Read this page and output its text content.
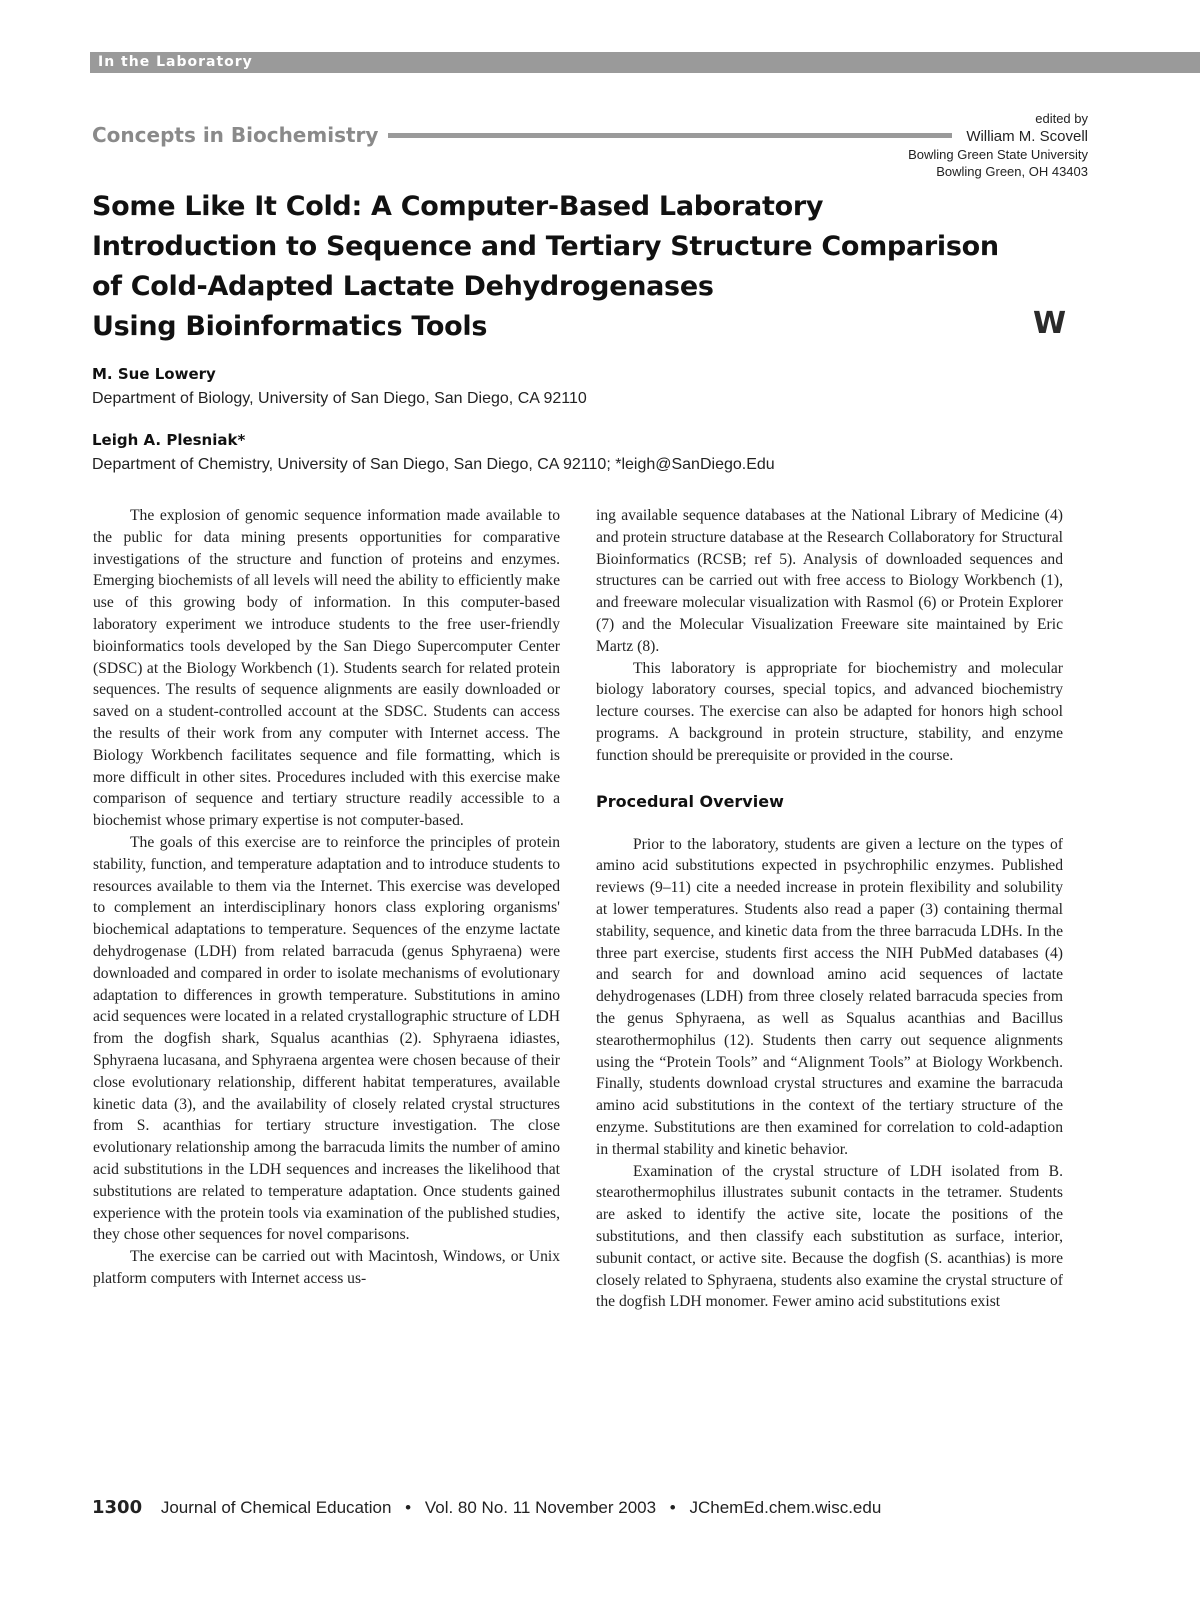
In the Laboratory
Concepts in Biochemistry
edited by
William M. Scovell
Bowling Green State University
Bowling Green, OH 43403
Some Like It Cold: A Computer-Based Laboratory
Introduction to Sequence and Tertiary Structure Comparison
of Cold-Adapted Lactate Dehydrogenases
Using Bioinformatics Tools	W

M. Sue Lowery

Department of Biology, University of San Diego, San Diego, CA 92110

Leigh A. Plesniak*

Department of Chemistry, University of San Diego, San Diego, CA 92110; *leigh@SanDiego.Edu

The explosion of genomic sequence information made available to the public for data mining presents opportunities for comparative investigations of the structure and function of proteins and enzymes. Emerging biochemists of all levels will need the ability to efficiently make use of this growing body of information. In this computer-based laboratory experiment we introduce students to the free user-friendly bioinformatics tools developed by the San Diego Supercomputer Center (SDSC) at the Biology Workbench (1). Students search for related protein sequences. The results of sequence alignments are easily downloaded or saved on a student-controlled account at the SDSC. Students can access the results of their work from any computer with Internet access. The Biology Workbench facilitates sequence and file formatting, which is more difficult in other sites. Procedures included with this exercise make comparison of sequence and tertiary structure readily accessible to a biochemist whose primary expertise is not computer-based.

The goals of this exercise are to reinforce the principles of protein stability, function, and temperature adaptation and to introduce students to resources available to them via the Internet. This exercise was developed to complement an interdisciplinary honors class exploring organisms' biochemical adaptations to temperature. Sequences of the enzyme lactate dehydrogenase (LDH) from related barracuda (genus Sphyraena) were downloaded and compared in order to isolate mechanisms of evolutionary adaptation to differences in growth temperature. Substitutions in amino acid sequences were located in a related crystallographic structure of LDH from the dogfish shark, Squalus acanthias (2). Sphyraena idiastes, Sphyraena lucasana, and Sphyraena argentea were chosen because of their close evolutionary relationship, different habitat temperatures, available kinetic data (3), and the availability of closely related crystal structures from S. acanthias for tertiary structure investigation. The close evolutionary relationship among the barracuda limits the number of amino acid substitutions in the LDH sequences and increases the likelihood that substitutions are related to temperature adaptation. Once students gained experience with the protein tools via examination of the published studies, they chose other sequences for novel comparisons.

The exercise can be carried out with Macintosh, Windows, or Unix platform computers with Internet access us-

ing available sequence databases at the National Library of Medicine (4) and protein structure database at the Research Collaboratory for Structural Bioinformatics (RCSB; ref 5). Analysis of downloaded sequences and structures can be carried out with free access to Biology Workbench (1), and freeware molecular visualization with Rasmol (6) or Protein Explorer (7) and the Molecular Visualization Freeware site maintained by Eric Martz (8).

This laboratory is appropriate for biochemistry and molecular biology laboratory courses, special topics, and advanced biochemistry lecture courses. The exercise can also be adapted for honors high school programs. A background in protein structure, stability, and enzyme function should be prerequisite or provided in the course.

Procedural Overview

Prior to the laboratory, students are given a lecture on the types of amino acid substitutions expected in psychrophilic enzymes. Published reviews (9–11) cite a needed increase in protein flexibility and solubility at lower temperatures. Students also read a paper (3) containing thermal stability, sequence, and kinetic data from the three barracuda LDHs. In the three part exercise, students first access the NIH PubMed databases (4) and search for and download amino acid sequences of lactate dehydrogenases (LDH) from three closely related barracuda species from the genus Sphyraena, as well as Squalus acanthias and Bacillus stearothermophilus (12). Students then carry out sequence alignments using the “Protein Tools” and “Alignment Tools” at Biology Workbench. Finally, students download crystal structures and examine the barracuda amino acid substitutions in the context of the tertiary structure of the enzyme. Substitutions are then examined for correlation to cold-adaption in thermal stability and kinetic behavior.

Examination of the crystal structure of LDH isolated from B. stearothermophilus illustrates subunit contacts in the tetramer. Students are asked to identify the active site, locate the positions of the substitutions, and then classify each substitution as surface, interior, subunit contact, or active site. Because the dogfish (S. acanthias) is more closely related to Sphyraena, students also examine the crystal structure of the dogfish LDH monomer. Fewer amino acid substitutions exist

1300 Journal of Chemical Education • Vol. 80 No. 11 November 2003 • JChemEd.chem.wisc.edu
